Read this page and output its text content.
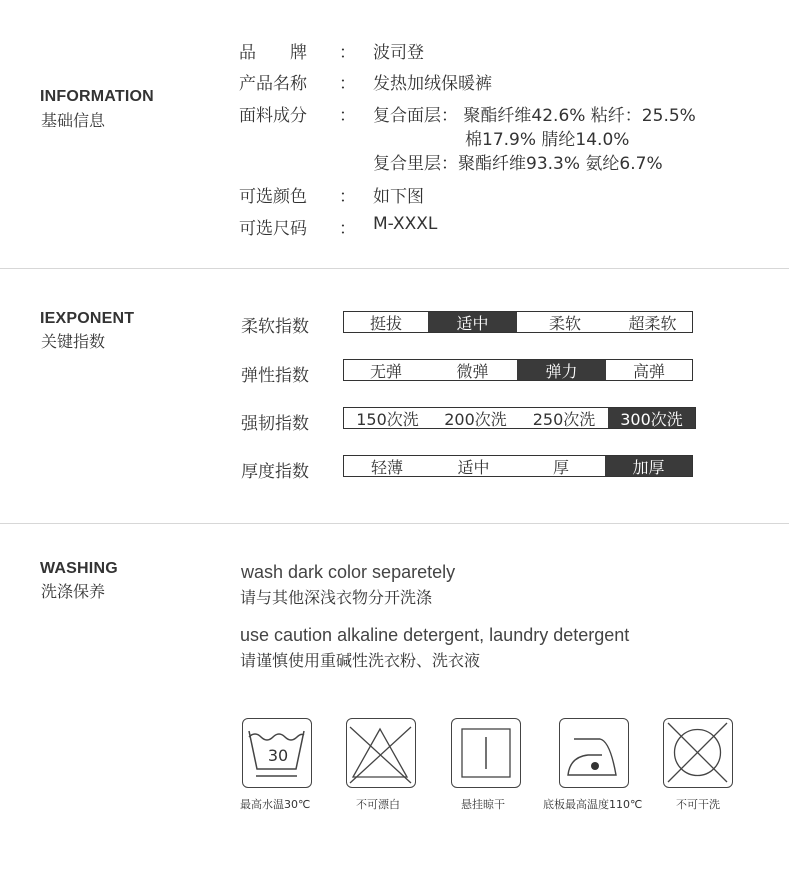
INFORMATION
基础信息
品　　牌 ： 波司登
产品名称 ： 发热加绒保暖裤
面料成分 ： 复合面层： 聚酯纤维42.6% 粘纤：25.5%
棉17.9% 腈纶14.0%
复合里层：聚酯纤维93.3% 氨纶6.7%
可选颜色 ： 如下图
可选尺码 ： M-XXXL
IEXPONENT
关键指数
柔软指数	挺拔	适中	柔软	超柔软
弹性指数	无弹	微弹	弹力	高弹
强韧指数	150次洗	200次洗	250次洗	300次洗
厚度指数	轻薄	适中	厚	加厚
WASHING
洗涤保养
wash dark color separetely
请与其他深浅衣物分开洗涤
use caution alkaline detergent, laundry detergent
请谨慎使用重碱性洗衣粉、洗衣液
30
最高水温30℃	不可漂白	悬挂晾干	底板最高温度110℃	不可干洗
